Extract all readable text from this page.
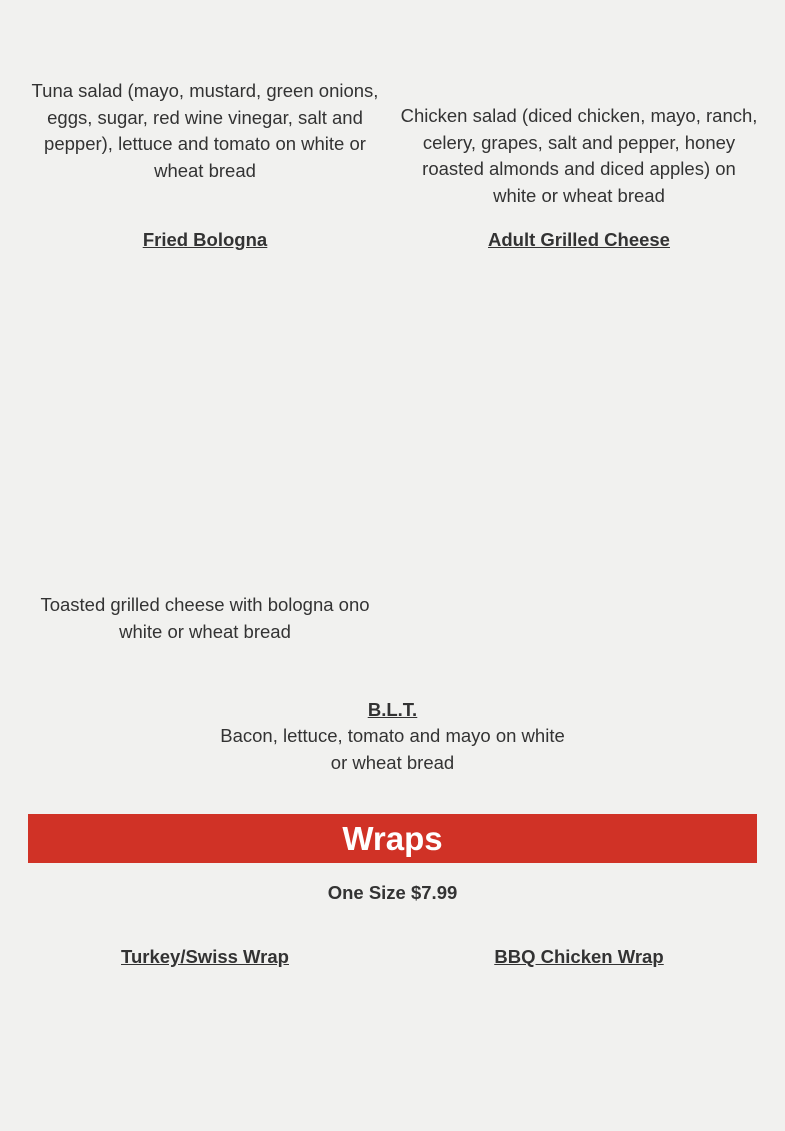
Tuna salad (mayo, mustard, green onions, eggs, sugar, red wine vinegar, salt and pepper), lettuce and tomato on white or wheat bread
Chicken salad (diced chicken, mayo, ranch, celery, grapes, salt and pepper, honey roasted almonds and diced apples) on white or wheat bread
Fried Bologna	Adult Grilled Cheese
Toasted grilled cheese with bologna ono white or wheat bread
B.L.T.
Bacon, lettuce, tomato and mayo on white or wheat bread
Wraps
One Size $7.99
Turkey/Swiss Wrap	BBQ Chicken Wrap
